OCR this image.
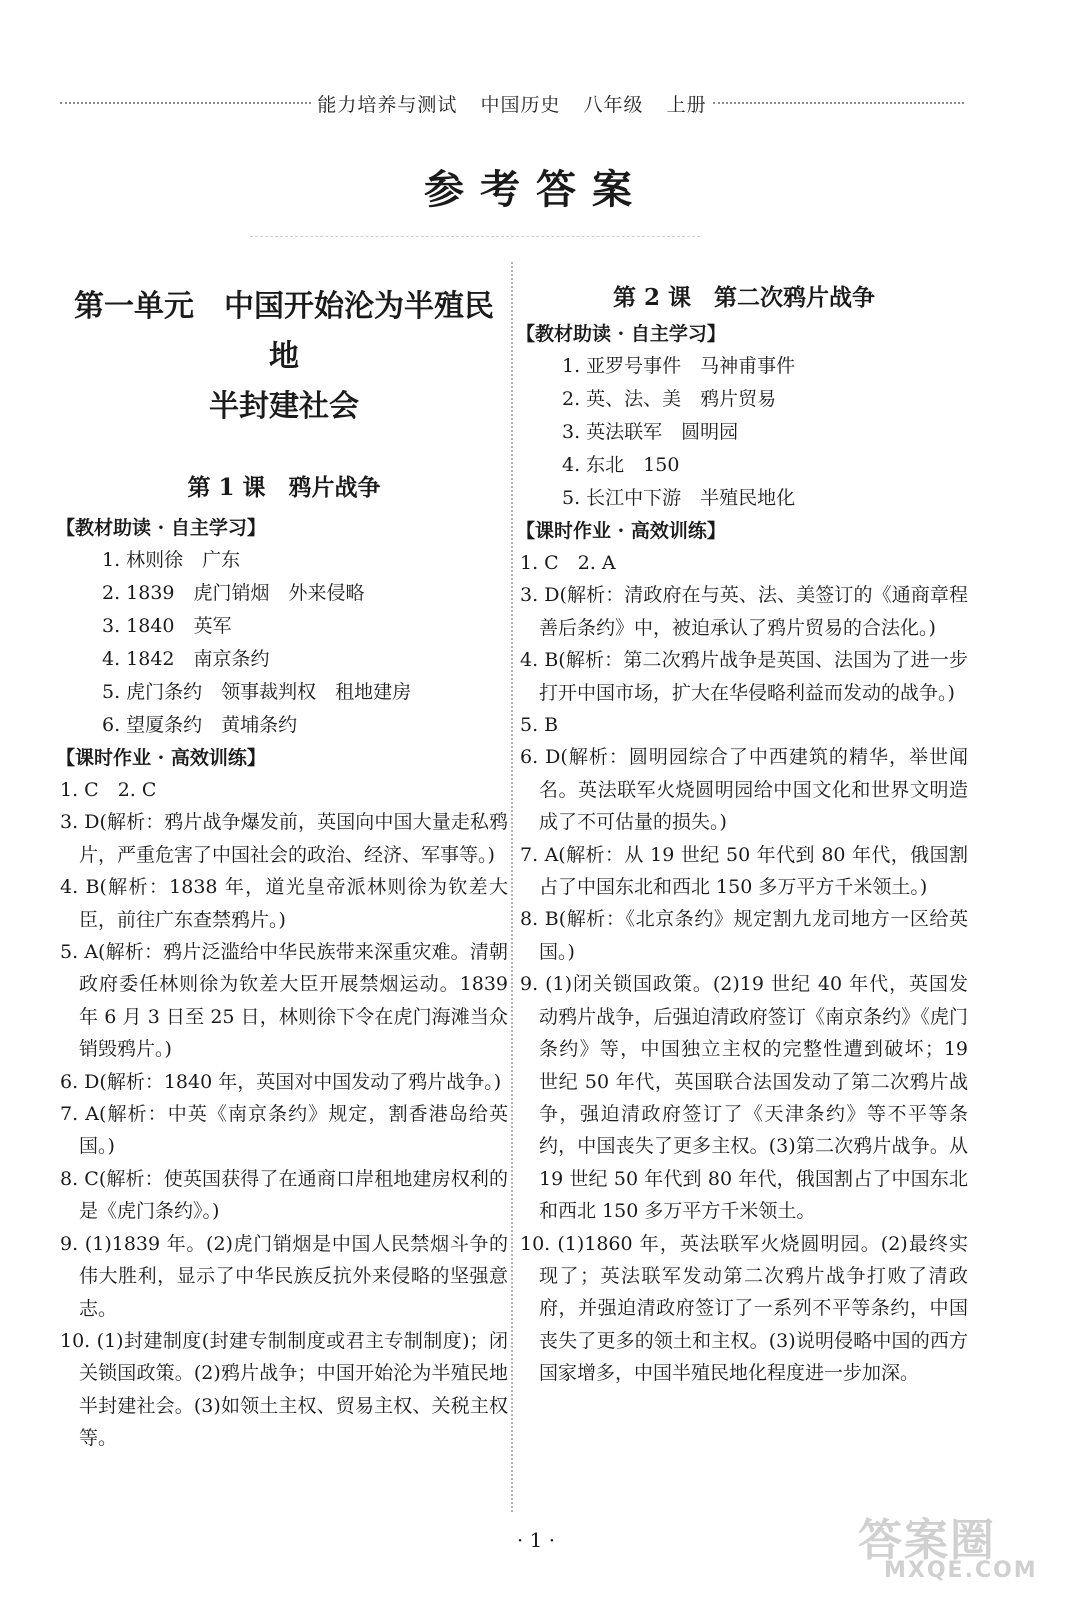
能力培养与测试 中国历史 八年级 上册
参考答案
第一单元　中国开始沦为半殖民地
半封建社会
第 1 课　鸦片战争
【教材助读 · 自主学习】
1. 林则徐　广东
2. 1839　虎门销烟　外来侵略
3. 1840　英军
4. 1842　南京条约
5. 虎门条约　领事裁判权　租地建房
6. 望厦条约　黄埔条约
【课时作业 · 高效训练】
1. C　2. C
3. D(解析：鸦片战争爆发前，英国向中国大量走私鸦片，严重危害了中国社会的政治、经济、军事等。)
4. B(解析：1838 年，道光皇帝派林则徐为钦差大臣，前往广东查禁鸦片。)
5. A(解析：鸦片泛滥给中华民族带来深重灾难。清朝政府委任林则徐为钦差大臣开展禁烟运动。1839 年 6 月 3 日至 25 日，林则徐下令在虎门海滩当众销毁鸦片。)
6. D(解析：1840 年，英国对中国发动了鸦片战争。)
7. A(解析：中英《南京条约》规定，割香港岛给英国。)
8. C(解析：使英国获得了在通商口岸租地建房权利的是《虎门条约》。)
9. (1)1839 年。(2)虎门销烟是中国人民禁烟斗争的伟大胜利，显示了中华民族反抗外来侵略的坚强意志。
10. (1)封建制度(封建专制制度或君主专制制度)；闭关锁国政策。(2)鸦片战争；中国开始沦为半殖民地半封建社会。(3)如领土主权、贸易主权、关税主权等。
第 2 课　第二次鸦片战争
【教材助读 · 自主学习】
1. 亚罗号事件　马神甫事件
2. 英、法、美　鸦片贸易
3. 英法联军　圆明园
4. 东北　150
5. 长江中下游　半殖民地化
【课时作业 · 高效训练】
1. C　2. A
3. D(解析：清政府在与英、法、美签订的《通商章程善后条约》中，被迫承认了鸦片贸易的合法化。)
4. B(解析：第二次鸦片战争是英国、法国为了进一步打开中国市场，扩大在华侵略利益而发动的战争。)
5. B
6. D(解析：圆明园综合了中西建筑的精华，举世闻名。英法联军火烧圆明园给中国文化和世界文明造成了不可估量的损失。)
7. A(解析：从 19 世纪 50 年代到 80 年代，俄国割占了中国东北和西北 150 多万平方千米领土。)
8. B(解析：《北京条约》规定割九龙司地方一区给英国。)
9. (1)闭关锁国政策。(2)19 世纪 40 年代，英国发动鸦片战争，后强迫清政府签订《南京条约》《虎门条约》等，中国独立主权的完整性遭到破坏；19 世纪 50 年代，英国联合法国发动了第二次鸦片战争，强迫清政府签订了《天津条约》等不平等条约，中国丧失了更多主权。(3)第二次鸦片战争。从 19 世纪 50 年代到 80 年代，俄国割占了中国东北和西北 150 多万平方千米领土。
10. (1)1860 年，英法联军火烧圆明园。(2)最终实现了；英法联军发动第二次鸦片战争打败了清政府，并强迫清政府签订了一系列不平等条约，中国丧失了更多的领土和主权。(3)说明侵略中国的西方国家增多，中国半殖民地化程度进一步加深。
· 1 ·	答案圈
MXQE.COM
